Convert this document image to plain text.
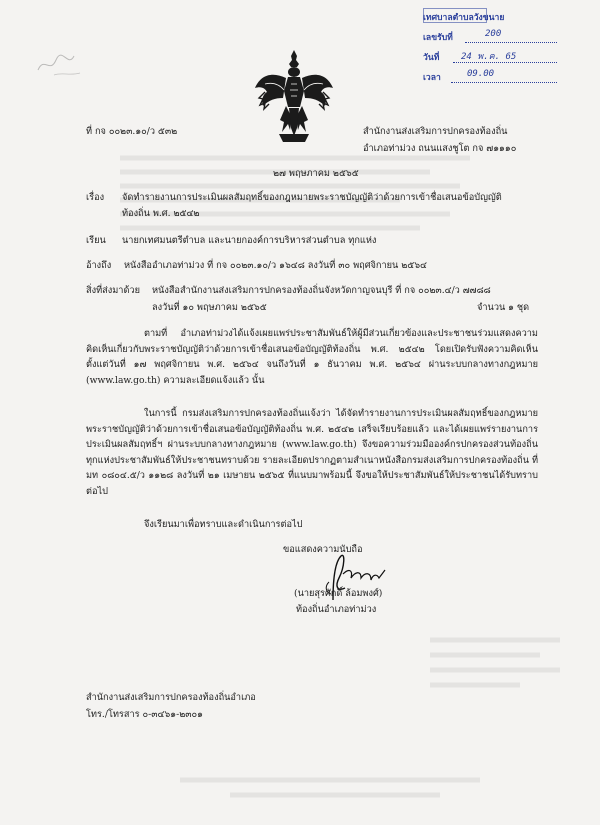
เทศบาลตำบลวังขนาย
เลขรับที่	200
วันที่ 24 พ.ค. 65
เวลา	09.00
ที่ กจ ๐๐๒๓.๑๐/ว ๕๓๒	สำนักงานส่งเสริมการปกครองท้องถิ่น
อำเภอท่าม่วง ถนนแสงชูโต กจ ๗๑๑๑๐
๒๗ พฤษภาคม ๒๕๖๕
เรื่อง จัดทำรายงานการประเมินผลสัมฤทธิ์ของกฎหมายพระราชบัญญัติว่าด้วยการเข้าชื่อเสนอข้อบัญญัติ
ท้องถิ่น พ.ศ. ๒๕๔๒
เรียน นายกเทศมนตรีตำบล และนายกองค์การบริหารส่วนตำบล ทุกแห่ง
อ้างถึง หนังสืออำเภอท่าม่วง ที่ กจ ๐๐๒๓.๑๐/ว ๑๖๔๘ ลงวันที่ ๓๐ พฤศจิกายน ๒๕๖๔
สิ่งที่ส่งมาด้วย หนังสือสำนักงานส่งเสริมการปกครองท้องถิ่นจังหวัดกาญจนบุรี ที่ กจ ๐๐๒๓.๔/ว ๗๗๘๘
ลงวันที่ ๑๐ พฤษภาคม ๒๕๖๕	จำนวน ๑ ชุด
ตามที่ อำเภอท่าม่วงได้แจ้งเผยแพร่ประชาสัมพันธ์ให้ผู้มีส่วนเกี่ยวข้องและประชาชนร่วมแสดงความคิดเห็นเกี่ยวกับพระราชบัญญัติว่าด้วยการเข้าชื่อเสนอข้อบัญญัติท้องถิ่น พ.ศ. ๒๕๔๒ โดยเปิดรับฟังความคิดเห็นตั้งแต่วันที่ ๑๗ พฤศจิกายน พ.ศ. ๒๕๖๔ จนถึงวันที่ ๑ ธันวาคม พ.ศ. ๒๕๖๔ ผ่านระบบกลางทางกฎหมาย (www.law.go.th) ความละเอียดแจ้งแล้ว นั้น
ในการนี้ กรมส่งเสริมการปกครองท้องถิ่นแจ้งว่า ได้จัดทำรายงานการประเมินผลสัมฤทธิ์ของกฎหมายพระราชบัญญัติว่าด้วยการเข้าชื่อเสนอข้อบัญญัติท้องถิ่น พ.ศ. ๒๕๔๒ เสร็จเรียบร้อยแล้ว และได้เผยแพร่รายงานการประเมินผลสัมฤทธิ์ฯ ผ่านระบบกลางทางกฎหมาย (www.law.go.th) จึงขอความร่วมมือองค์กรปกครองส่วนท้องถิ่นทุกแห่งประชาสัมพันธ์ให้ประชาชนทราบด้วย รายละเอียดปรากฏตามสำเนาหนังสือกรมส่งเสริมการปกครองท้องถิ่น ที่ มท ๐๘๐๔.๕/ว ๑๑๒๘ ลงวันที่ ๒๑ เมษายน ๒๕๖๕ ที่แนบมาพร้อมนี้ จึงขอให้ประชาสัมพันธ์ให้ประชาชนได้รับทราบต่อไป
จึงเรียนมาเพื่อทราบและดำเนินการต่อไป
ขอแสดงความนับถือ
(นายสุรศักดิ์ ล้อมพงศ์)
ท้องถิ่นอำเภอท่าม่วง
สำนักงานส่งเสริมการปกครองท้องถิ่นอำเภอ
โทร./โทรสาร ๐-๓๔๖๑-๒๓๐๑
